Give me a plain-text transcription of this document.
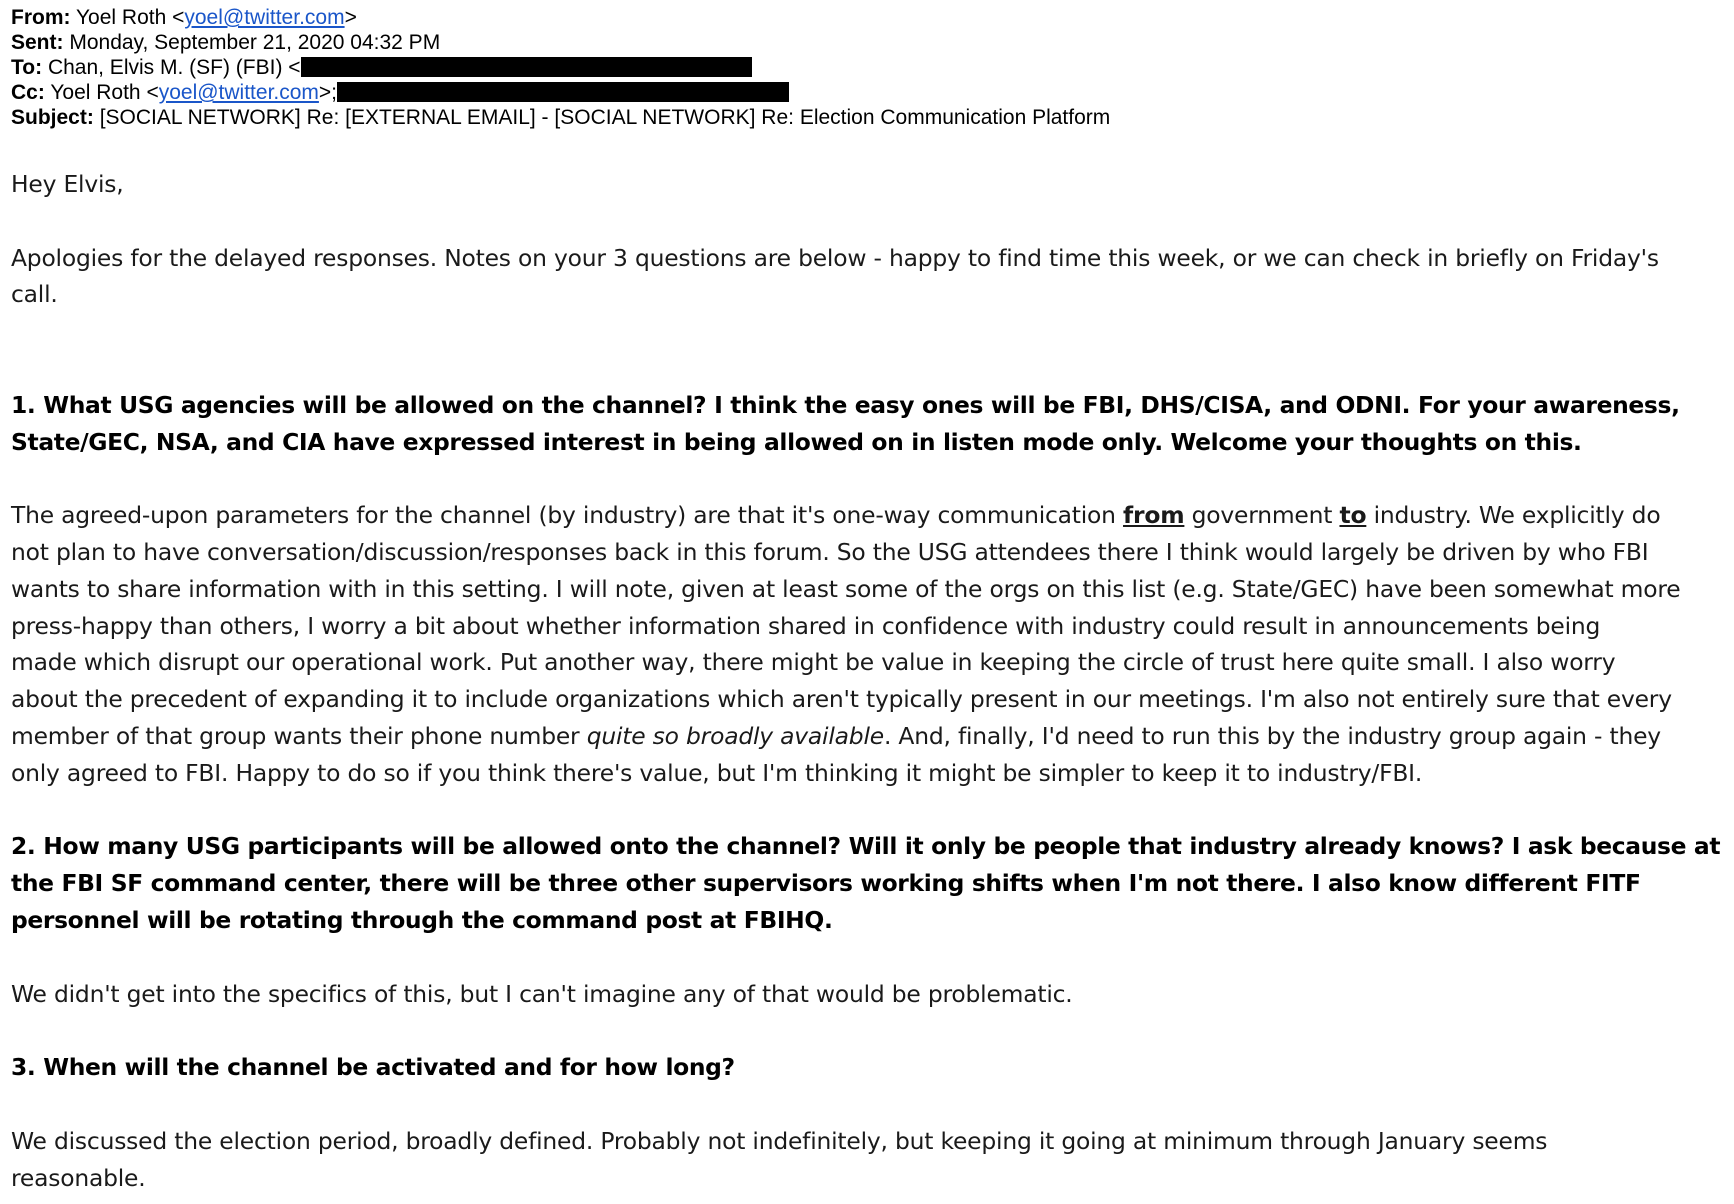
From: Yoel Roth <yoel@twitter.com>
Sent: Monday, September 21, 2020 04:32 PM
To: Chan, Elvis M. (SF) (FBI) <
Cc: Yoel Roth <yoel@twitter.com>;
Subject: [SOCIAL NETWORK] Re: [EXTERNAL EMAIL] - [SOCIAL NETWORK] Re: Election Communication Platform

Hey Elvis,

Apologies for the delayed responses. Notes on your 3 questions are below - happy to find time this week, or we can check in briefly on Friday's

call.

1. What USG agencies will be allowed on the channel? I think the easy ones will be FBI, DHS/CISA, and ODNI. For your awareness,

State/GEC, NSA, and CIA have expressed interest in being allowed on in listen mode only. Welcome your thoughts on this.

The agreed-upon parameters for the channel (by industry) are that it's one-way communication from government to industry. We explicitly do

not plan to have conversation/discussion/responses back in this forum. So the USG attendees there I think would largely be driven by who FBI

wants to share information with in this setting. I will note, given at least some of the orgs on this list (e.g. State/GEC) have been somewhat more

press-happy than others, I worry a bit about whether information shared in confidence with industry could result in announcements being

made which disrupt our operational work. Put another way, there might be value in keeping the circle of trust here quite small. I also worry

about the precedent of expanding it to include organizations which aren't typically present in our meetings. I'm also not entirely sure that every

member of that group wants their phone number quite so broadly available. And, finally, I'd need to run this by the industry group again - they

only agreed to FBI. Happy to do so if you think there's value, but I'm thinking it might be simpler to keep it to industry/FBI.

2. How many USG participants will be allowed onto the channel? Will it only be people that industry already knows? I ask because at

the FBI SF command center, there will be three other supervisors working shifts when I'm not there. I also know different FITF

personnel will be rotating through the command post at FBIHQ.

We didn't get into the specifics of this, but I can't imagine any of that would be problematic.

3. When will the channel be activated and for how long?

We discussed the election period, broadly defined. Probably not indefinitely, but keeping it going at minimum through January seems

reasonable.
